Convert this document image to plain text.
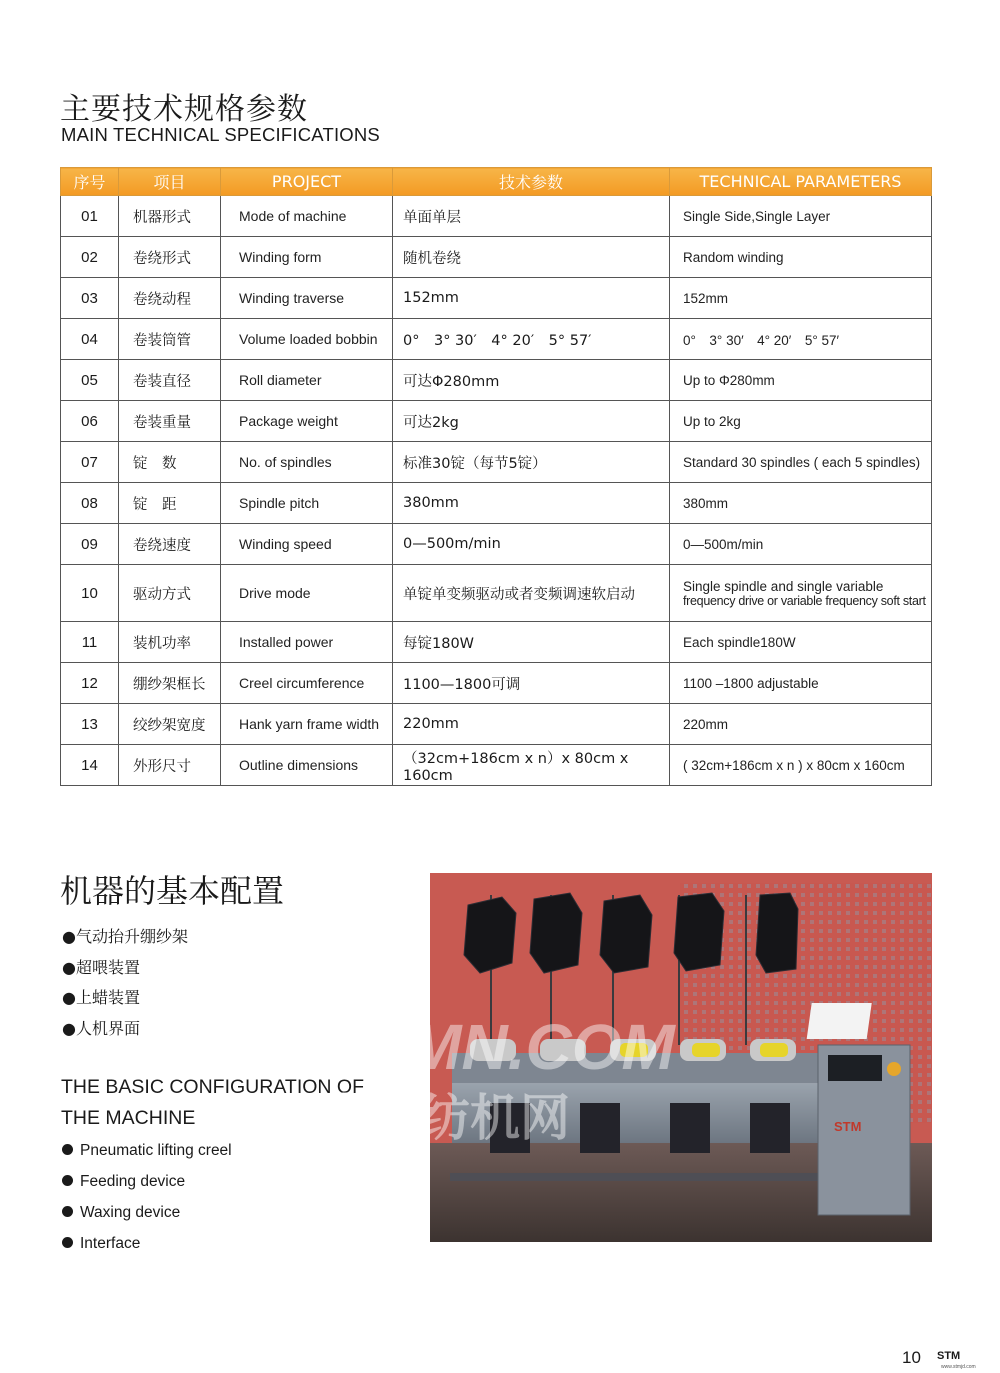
主要技术规格参数
MAIN TECHNICAL SPECIFICATIONS
序号	项目	PROJECT	技术参数	TECHNICAL PARAMETERS
01	机器形式	Mode of machine	单面单层	Single Side,Single Layer
02	卷绕形式	Winding form	随机卷绕	Random winding
03	卷绕动程	Winding traverse	152mm	152mm
04	卷装筒管	Volume loaded bobbin	0°　3° 30′　4° 20′　5° 57′	0°　3° 30′　4° 20′　5° 57′
05	卷装直径	Roll diameter	可达Φ280mm	Up to Φ280mm
06	卷装重量	Package weight	可达2kg	Up to 2kg
07	锭　数	No. of spindles	标准30锭（每节5锭）	Standard 30 spindles ( each 5 spindles)
08	锭　距	Spindle pitch	380mm	380mm
09	卷绕速度	Winding speed	0—500m/min	0—500m/min
10	驱动方式	Drive mode	单锭单变频驱动或者变频调速软启动	Single spindle and single variable
frequency drive or variable frequency soft start

11	装机功率	Installed power	每锭180W	Each spindle180W
12	绷纱架框长	Creel circumference	1100—1800可调	1100 –1800 adjustable
13	绞纱架宽度	Hank yarn frame width	220mm	220mm
14	外形尺寸	Outline dimensions	（32cm+186cm x n）x 80cm x 160cm	( 32cm+186cm x n ) x 80cm x 160cm
机器的基本配置
●气动抬升绷纱架
●超喂装置
●上蜡装置
●人机界面
THE BASIC CONFIGURATION OF THE MACHINE
Pneumatic lifting creel
Feeding device
Waxing device
Interface
STM
TTMN.COM
中国纺机网
10 STM
www.stmjd.com
